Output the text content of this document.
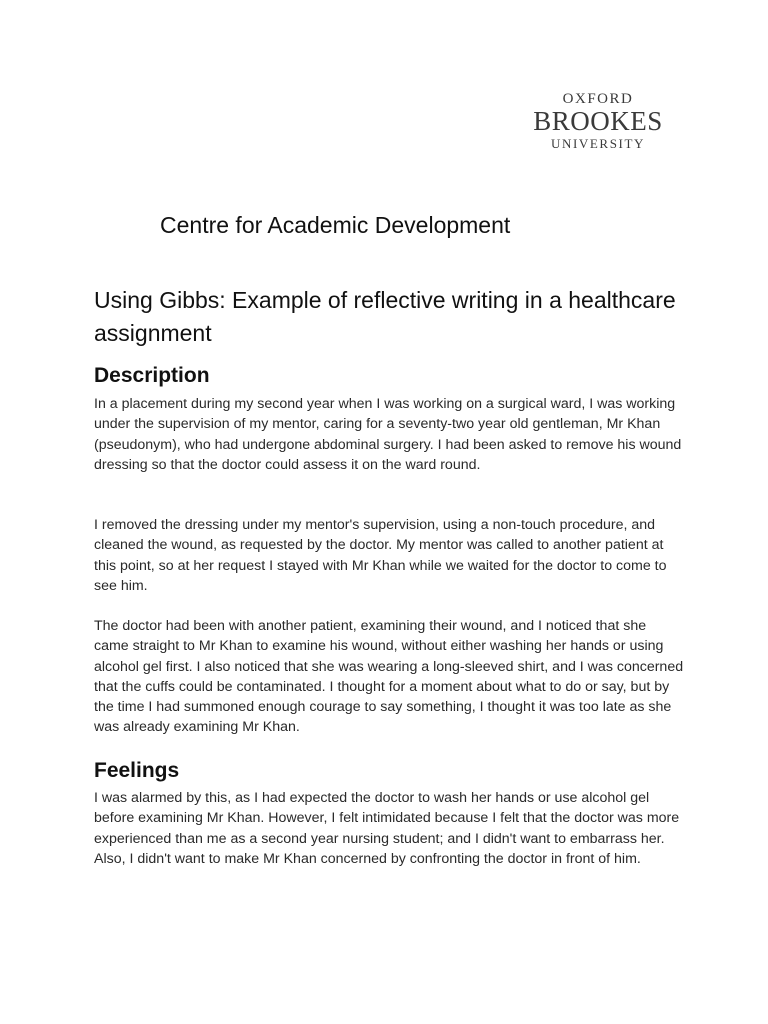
OXFORD
BROOKES
UNIVERSITY
Centre for Academic Development
Using Gibbs: Example of reflective writing in a healthcare assignment
Description

In a placement during my second year when I was working on a surgical ward, I was working under the supervision of my mentor, caring for a seventy-two year old gentleman, Mr Khan (pseudonym), who had undergone abdominal surgery. I had been asked to remove his wound dressing so that the doctor could assess it on the ward round.

I removed the dressing under my mentor's supervision, using a non-touch procedure, and cleaned the wound, as requested by the doctor. My mentor was called to another patient at this point, so at her request I stayed with Mr Khan while we waited for the doctor to come to see him.

The doctor had been with another patient, examining their wound, and I noticed that she came straight to Mr Khan to examine his wound, without either washing her hands or using alcohol gel first. I also noticed that she was wearing a long-sleeved shirt, and I was concerned that the cuffs could be contaminated. I thought for a moment about what to do or say, but by the time I had summoned enough courage to say something, I thought it was too late as she was already examining Mr Khan.

Feelings

I was alarmed by this, as I had expected the doctor to wash her hands or use alcohol gel before examining Mr Khan. However, I felt intimidated because I felt that the doctor was more experienced than me as a second year nursing student; and I didn't want to embarrass her. Also, I didn't want to make Mr Khan concerned by confronting the doctor in front of him.
